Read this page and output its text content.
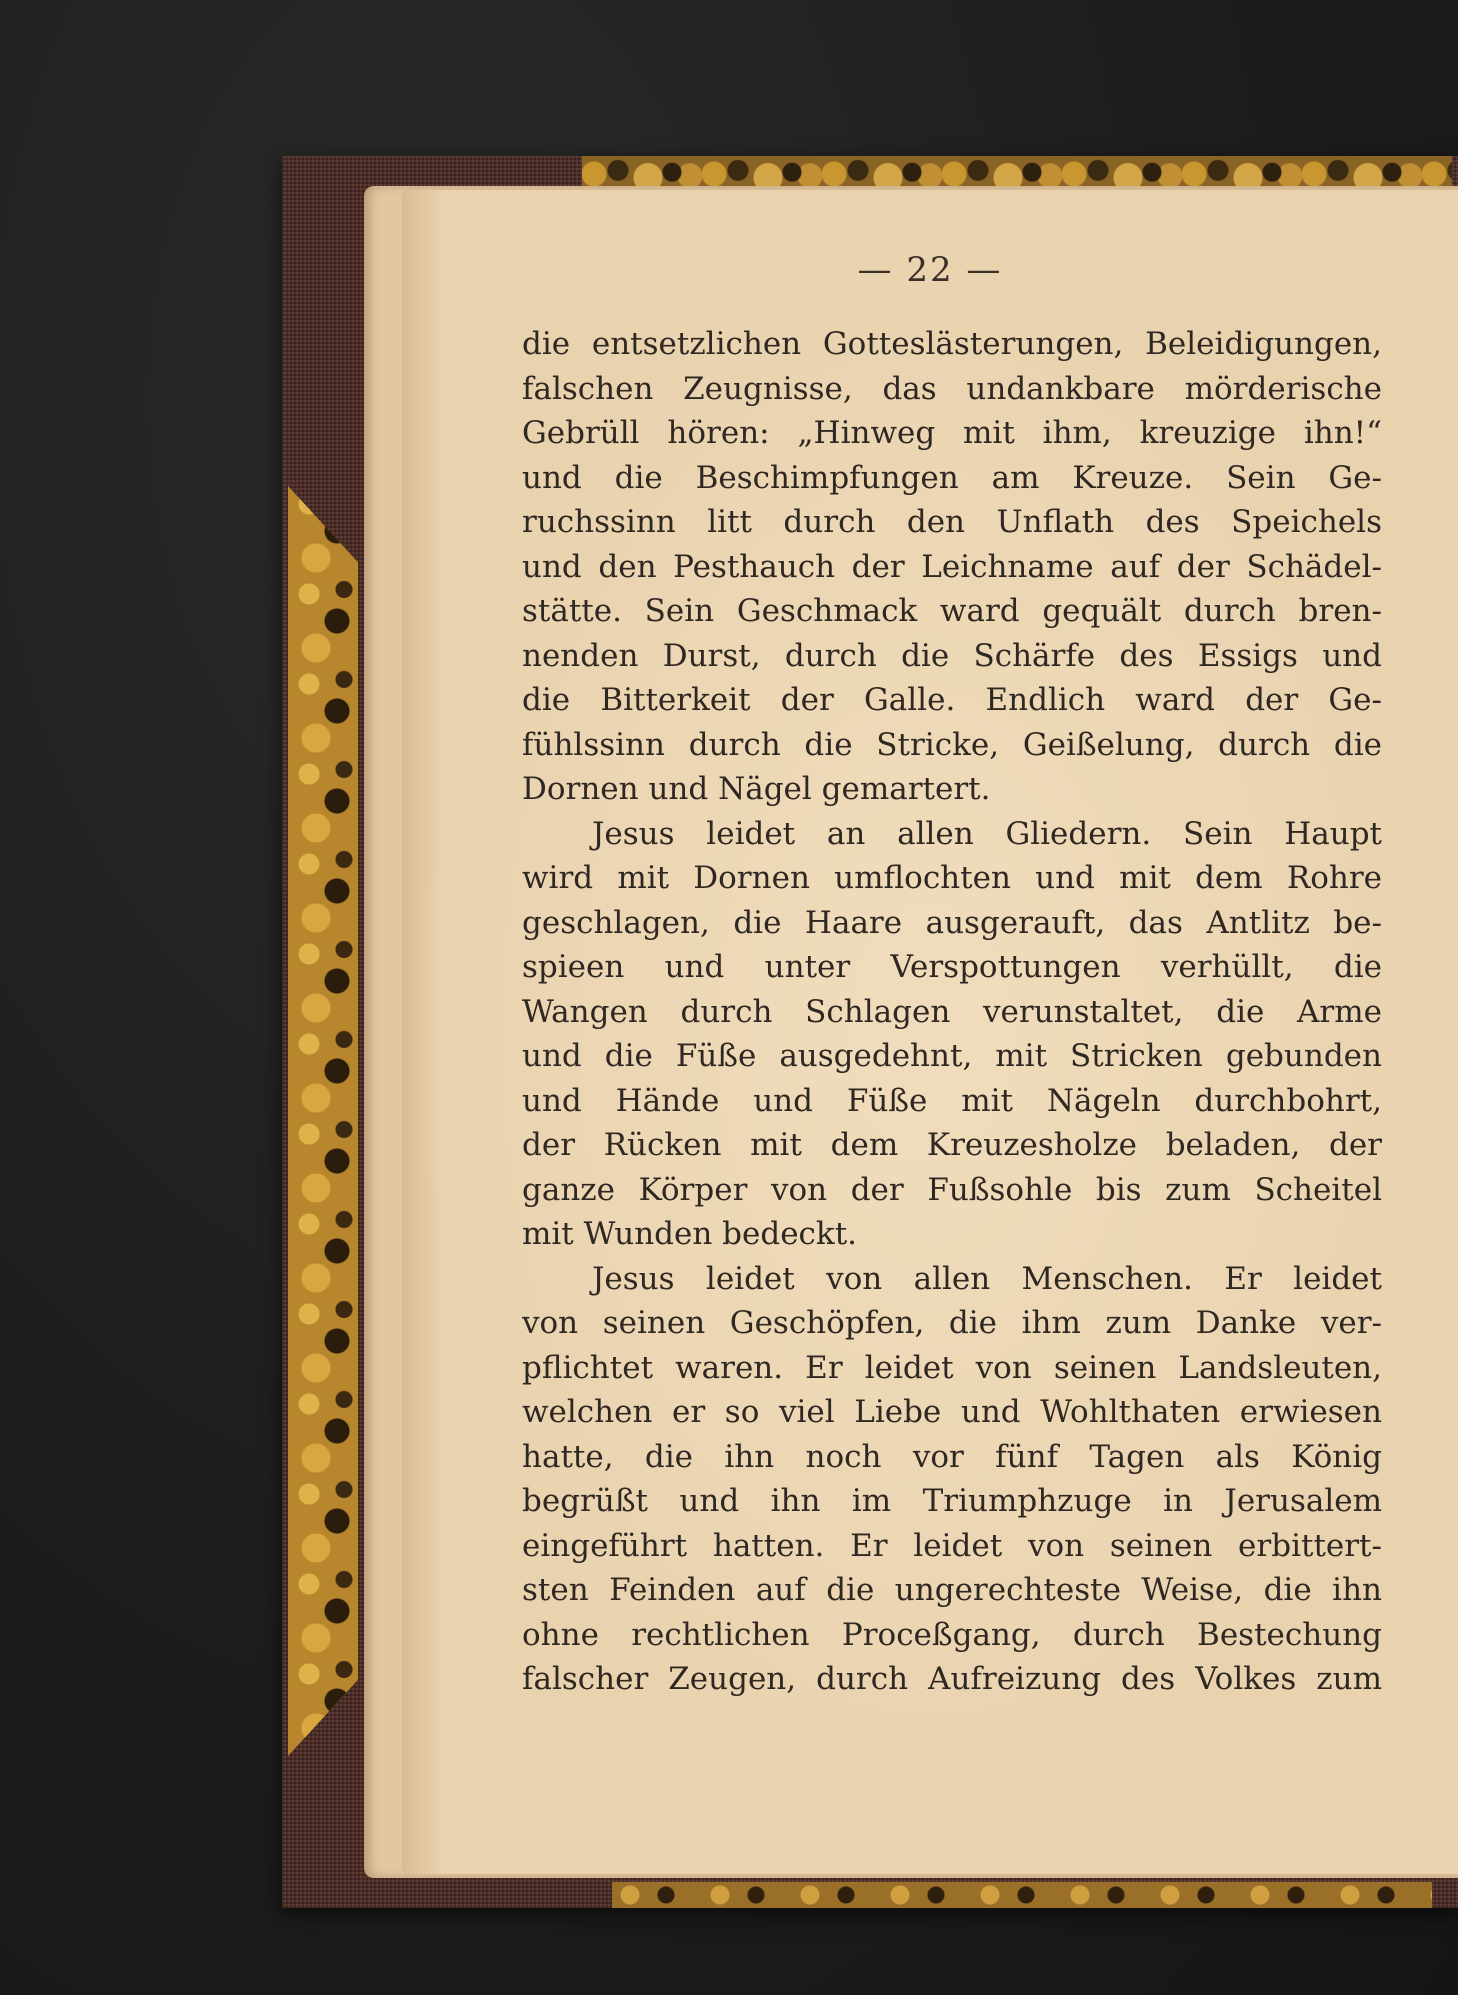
— 22 —

die entsetzlichen Gotteslästerungen, Beleidigungen,
falschen Zeugnisse, das undankbare mörderische
Gebrüll hören: „Hinweg mit ihm, kreuzige ihn!“
und die Beschimpfungen am Kreuze. Sein Ge-
ruchssinn litt durch den Unflath des Speichels
und den Pesthauch der Leichname auf der Schädel-
stätte. Sein Geschmack ward gequält durch bren-
nenden Durst, durch die Schärfe des Essigs und
die Bitterkeit der Galle. Endlich ward der Ge-
fühlssinn durch die Stricke, Geißelung, durch die
Dornen und Nägel gemartert.
Jesus leidet an allen Gliedern. Sein Haupt
wird mit Dornen umflochten und mit dem Rohre
geschlagen, die Haare ausgerauft, das Antlitz be-
spieen und unter Verspottungen verhüllt, die
Wangen durch Schlagen verunstaltet, die Arme
und die Füße ausgedehnt, mit Stricken gebunden
und Hände und Füße mit Nägeln durchbohrt,
der Rücken mit dem Kreuzesholze beladen, der
ganze Körper von der Fußsohle bis zum Scheitel
mit Wunden bedeckt.
Jesus leidet von allen Menschen. Er leidet
von seinen Geschöpfen, die ihm zum Danke ver-
pflichtet waren. Er leidet von seinen Landsleuten,
welchen er so viel Liebe und Wohlthaten erwiesen
hatte, die ihn noch vor fünf Tagen als König
begrüßt und ihn im Triumphzuge in Jerusalem
eingeführt hatten. Er leidet von seinen erbittert-
sten Feinden auf die ungerechteste Weise, die ihn
ohne rechtlichen Proceßgang, durch Bestechung
falscher Zeugen, durch Aufreizung des Volkes zum
